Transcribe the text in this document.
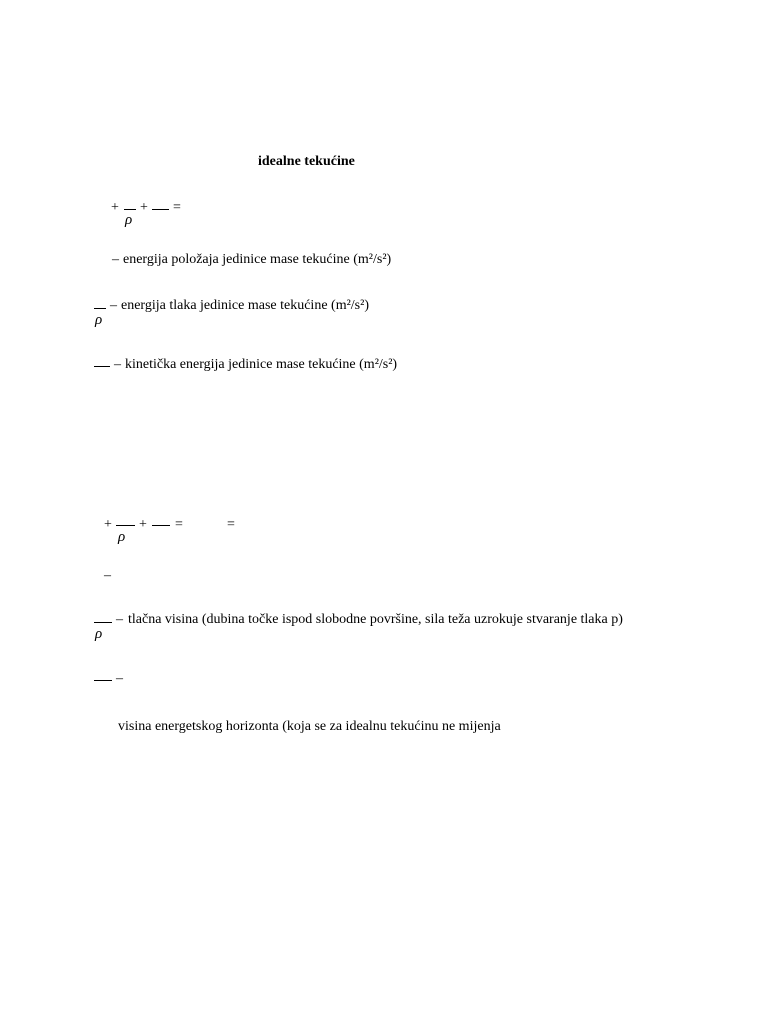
idealne tekućine
+
ρ
+ =
– energija položaja jedinice mase tekućine (m²/s²)
ρ
– energija tlaka jedinice mase tekućine (m²/s²)
– kinetička energija jedinice mase tekućine (m²/s²)
+
ρ
+ =	=
–
ρ
– tlačna visina (dubina točke ispod slobodne površine, sila teža uzrokuje stvaranje tlaka p)
–
visina energetskog horizonta (koja se za idealnu tekućinu ne mijenja
